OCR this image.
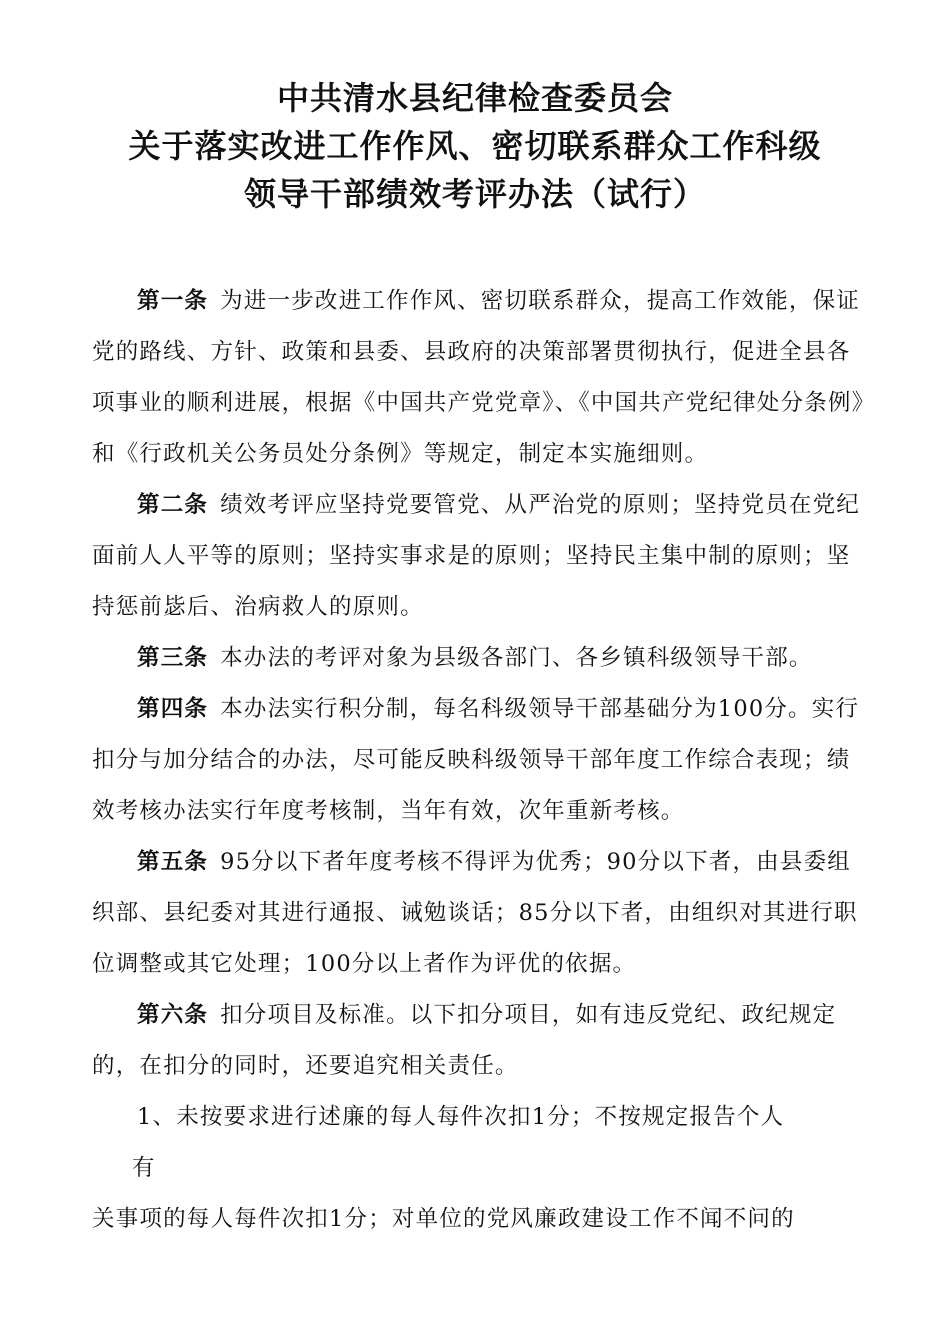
中共清水县纪律检查委员会
关于落实改进工作作风、密切联系群众工作科级
领导干部绩效考评办法（试行）

第一条 为进一步改进工作作风、密切联系群众，提高工作效能，保证党的路线、方针、政策和县委、县政府的决策部署贯彻执行，促进全县各项事业的顺利进展，根据《中国共产党党章》、《中国共产党纪律处分条例》和《行政机关公务员处分条例》等规定，制定本实施细则。

第二条 绩效考评应坚持党要管党、从严治党的原则；坚持党员在党纪面前人人平等的原则；坚持实事求是的原则；坚持民主集中制的原则；坚持惩前毖后、治病救人的原则。

第三条 本办法的考评对象为县级各部门、各乡镇科级领导干部。

第四条 本办法实行积分制，每名科级领导干部基础分为100分。实行扣分与加分结合的办法，尽可能反映科级领导干部年度工作综合表现；绩效考核办法实行年度考核制，当年有效，次年重新考核。

第五条 95分以下者年度考核不得评为优秀；90分以下者，由县委组织部、县纪委对其进行通报、诫勉谈话；85分以下者，由组织对其进行职位调整或其它处理；100分以上者作为评优的依据。

第六条 扣分项目及标准。以下扣分项目，如有违反党纪、政纪规定的，在扣分的同时，还要追究相关责任。

1、未按要求进行述廉的每人每件次扣1分；不按规定报告个人

有
关事项的每人每件次扣1分；对单位的党风廉政建设工作不闻不问的
